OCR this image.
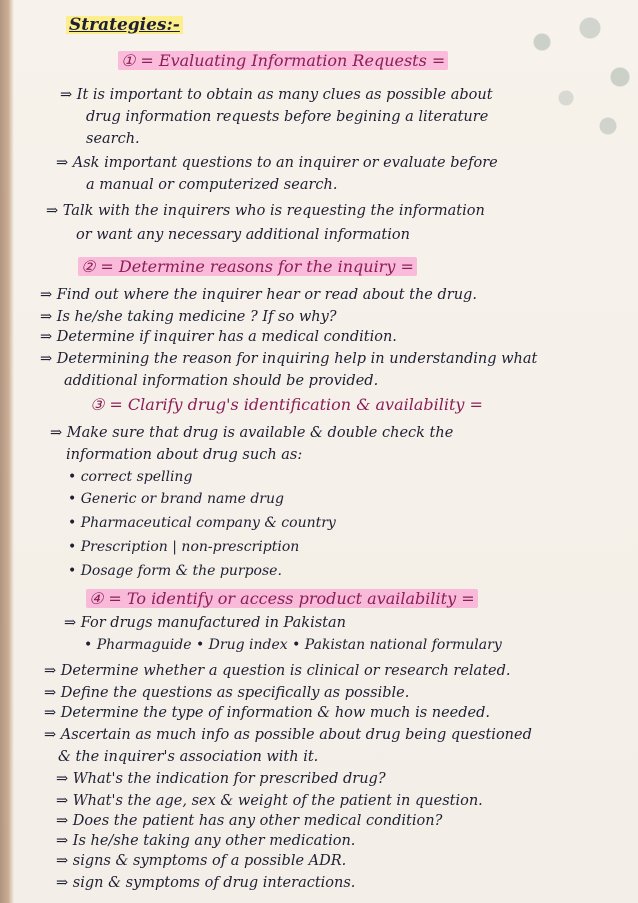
Strategies:-
① = Evaluating Information Requests =
⇒ It is important to obtain as many clues as possible about
drug information requests before begining a literature
search.
⇒ Ask important questions to an inquirer or evaluate before
a manual or computerized search.
⇒ Talk with the inquirers who is requesting the information
or want any necessary additional information
② = Determine reasons for the inquiry =
⇒ Find out where the inquirer hear or read about the drug.
⇒ Is he/she taking medicine ? If so why?
⇒ Determine if inquirer has a medical condition.
⇒ Determining the reason for inquiring help in understanding what
additional information should be provided.
③ = Clarify drug's identification & availability =
⇒ Make sure that drug is available & double check the
information about drug such as:
• correct spelling
• Generic or brand name drug
• Pharmaceutical company & country
• Prescription | non-prescription
• Dosage form & the purpose.
④ = To identify or access product availability =
⇒ For drugs manufactured in Pakistan
• Pharmaguide • Drug index • Pakistan national formulary
⇒ Determine whether a question is clinical or research related.
⇒ Define the questions as specifically as possible.
⇒ Determine the type of information & how much is needed.
⇒ Ascertain as much info as possible about drug being questioned
& the inquirer's association with it.
⇒ What's the indication for prescribed drug?
⇒ What's the age, sex & weight of the patient in question.
⇒ Does the patient has any other medical condition?
⇒ Is he/she taking any other medication.
⇒ signs & symptoms of a possible ADR.
⇒ sign & symptoms of drug interactions.
